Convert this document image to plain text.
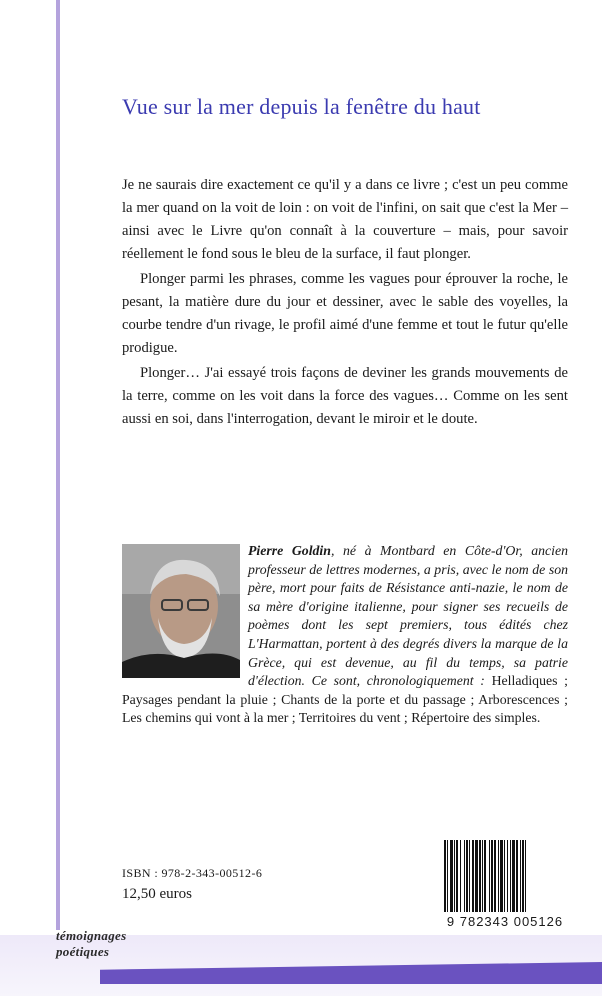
Vue sur la mer depuis la fenêtre du haut

Je ne saurais dire exactement ce qu'il y a dans ce livre ; c'est un peu comme la mer quand on la voit de loin : on voit de l'infini, on sait que c'est la Mer – ainsi avec le Livre qu'on connaît à la couverture – mais, pour savoir réellement le fond sous le bleu de la surface, il faut plonger.

Plonger parmi les phrases, comme les vagues pour éprouver la roche, le pesant, la matière dure du jour et dessiner, avec le sable des voyelles, la courbe tendre d'un rivage, le profil aimé d'une femme et tout le futur qu'elle prodigue.

Plonger… J'ai essayé trois façons de deviner les grands mouvements de la terre, comme on les voit dans la force des vagues… Comme on les sent aussi en soi, dans l'interrogation, devant le miroir et le doute.

Pierre Goldin, né à Montbard en Côte-d'Or, ancien professeur de lettres modernes, a pris, avec le nom de son père, mort pour faits de Résistance anti-nazie, le nom de sa mère d'origine italienne, pour signer ses recueils de poèmes dont les sept premiers, tous édités chez L'Harmattan, portent à des degrés divers la marque de la Grèce, qui est devenue, au fil du temps, sa patrie d'élection. Ce sont, chronologiquement : Helladiques ; Paysages pendant la pluie ; Chants de la porte et du passage ; Arborescences ; Les chemins qui vont à la mer ; Territoires du vent ; Répertoire des simples.
ISBN : 978-2-343-00512-6
12,50 euros
9 782343 005126
témoignages
poétiques
